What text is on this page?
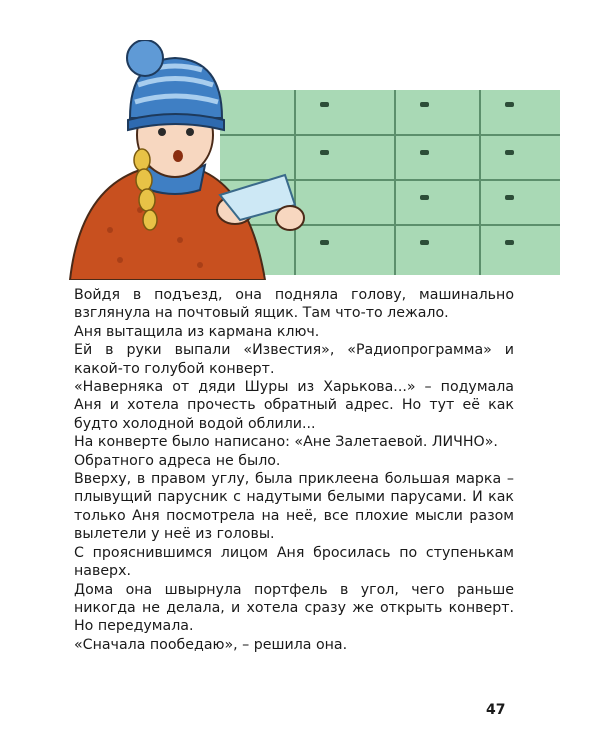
Войдя в подъезд, она подняла голову, машинально взглянула на почтовый ящик. Там что-то лежало.

Аня вытащила из кармана ключ.

Ей в руки выпали «Известия», «Радиопрограмма» и какой-то голубой конверт.

«Наверняка от дяди Шуры из Харькова...» – подумала Аня и хотела прочесть обратный адрес. Но тут её как будто холодной водой облили...

На конверте было написано: «Ане Залетаевой. ЛИЧНО».

Обратного адреса не было.

Вверху, в правом углу, была приклеена большая марка – плывущий парусник с надутыми белыми парусами. И как только Аня посмотрела на неё, все плохие мысли разом вылетели у неё из головы.

С прояснившимся лицом Аня бросилась по ступенькам наверх.

Дома она швырнула портфель в угол, чего раньше никогда не делала, и хотела сразу же открыть конверт. Но передумала.

«Сначала пообедаю», – решила она.

47
